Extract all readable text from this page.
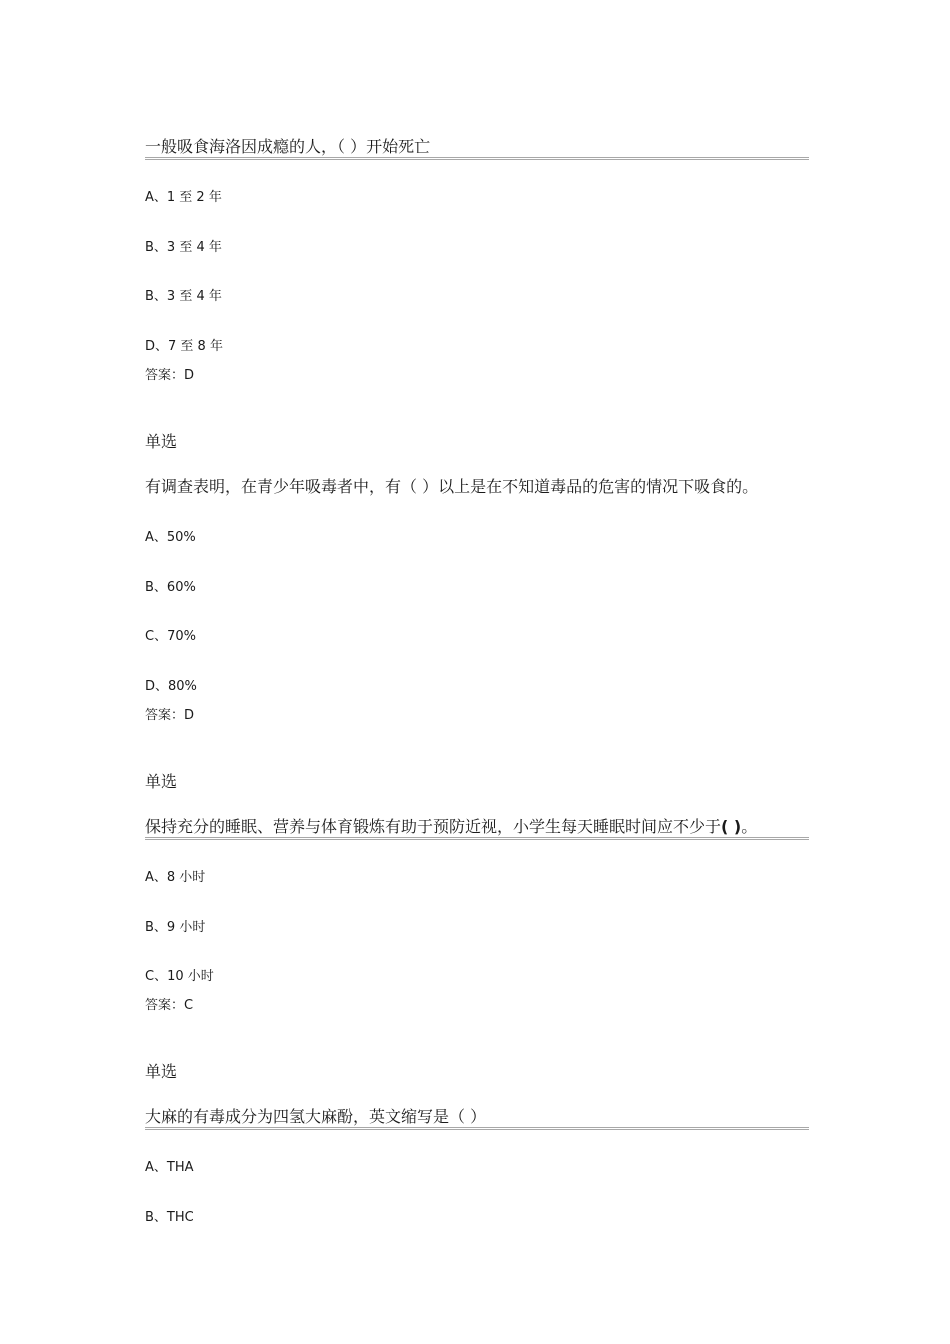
一般吸食海洛因成瘾的人，（ ）开始死亡
A、1 至 2 年
B、3 至 4 年
B、3 至 4 年
D、7 至 8 年
答案：D
单选
有调查表明，在青少年吸毒者中，有（ ）以上是在不知道毒品的危害的情况下吸食的。
A、50%
B、60%
C、70%
D、80%
答案：D
单选
保持充分的睡眠、营养与体育锻炼有助于预防近视，小学生每天睡眠时间应不少于( )。
A、8 小时
B、9 小时
C、10 小时
答案：C
单选
大麻的有毒成分为四氢大麻酚，英文缩写是（ ）
A、THA
B、THC
